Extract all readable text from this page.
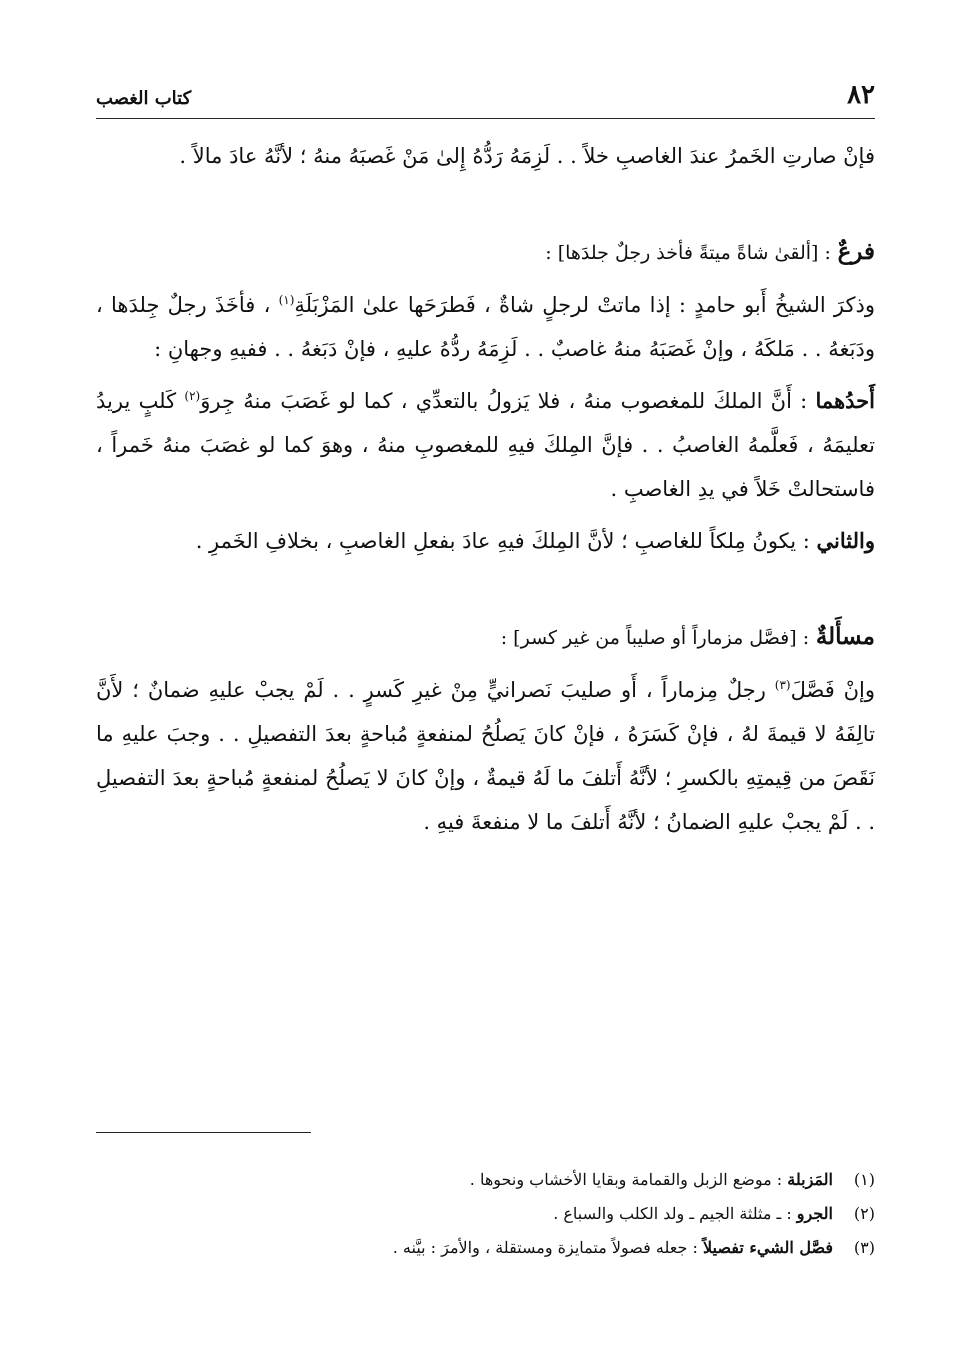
٨٢
كتاب الغصب

فإنْ صارتِ الخَمرُ عندَ الغاصبِ خلاً . . لَزِمَهُ رَدُّهُ إِلىٰ مَنْ غَصبَهُ منهُ ؛ لأنَّهُ عادَ مالاً .

فرعٌ : [ألقىٰ شاةً ميتةً فأخذ رجلٌ جلدَها] :

وذكرَ الشيخُ أَبو حامدٍ : إذا ماتتْ لرجلٍ شاةٌ ، فَطرَحَها علىٰ المَزْبَلَةِ$^{(١)}$ ، فأخَذَ رجلٌ جِلدَها ، ودَبَغهُ . . مَلكَهُ ، وإنْ غَصَبَهُ منهُ غاصبٌ . . لَزِمَهُ ردُّهُ عليهِ ، فإنْ دَبَغهُ . . ففيهِ وجهانِ :

أَحدُهما : أَنَّ الملكَ للمغصوب منهُ ، فلا يَزولُ بالتعدِّي ، كما لو غَصَبَ منهُ جِروَ$^{(٢)}$ كَلبٍ يريدُ تعليمَهُ ، فَعلَّمهُ الغاصبُ . . فإنَّ المِلكَ فيهِ للمغصوبِ منهُ ، وهوَ كما لو غصَبَ منهُ خَمراً ، فاستحالتْ خَلاً في يدِ الغاصبِ .

والثاني : يكونُ مِلكاً للغاصبِ ؛ لأنَّ المِلكَ فيهِ عادَ بفعلِ الغاصبِ ، بخلافِ الخَمرِ .

مسأَلةٌ : [فصَّل مزماراً أو صليباً من غير كسر] :

وإنْ فَصَّلَ$^{(٣)}$ رجلٌ مِزماراً ، أَو صليبَ نَصرانيٍّ مِنْ غيرِ كَسرٍ . . لَمْ يجبْ عليهِ ضمانٌ ؛ لأَنَّ تالِفَهُ لا قيمةَ لهُ ، فإنْ كَسَرَهُ ، فإنْ كانَ يَصلُحُ لمنفعةٍ مُباحةٍ بعدَ التفصيلِ . . وجبَ عليهِ ما نَقَصَ من قِيمتِهِ بالكسرِ ؛ لأنَّهُ أَتلفَ ما لَهُ قيمةٌ ، وإنْ كانَ لا يَصلُحُ لمنفعةٍ مُباحةٍ بعدَ التفصيلِ . . لَمْ يجبْ عليهِ الضمانُ ؛ لأنَّهُ أَتلفَ ما لا منفعةَ فيهِ .

(١)المَزبلة : موضع الزبل والقمامة وبقايا الأخشاب ونحوها .
(٢)الجرو : ـ مثلثة الجيم ـ ولد الكلب والسباع .
(٣)فصَّل الشيء تفصيلاً : جعله فصولاً متمايزة ومستقلة ، والأمرَ : بيَّنه .
